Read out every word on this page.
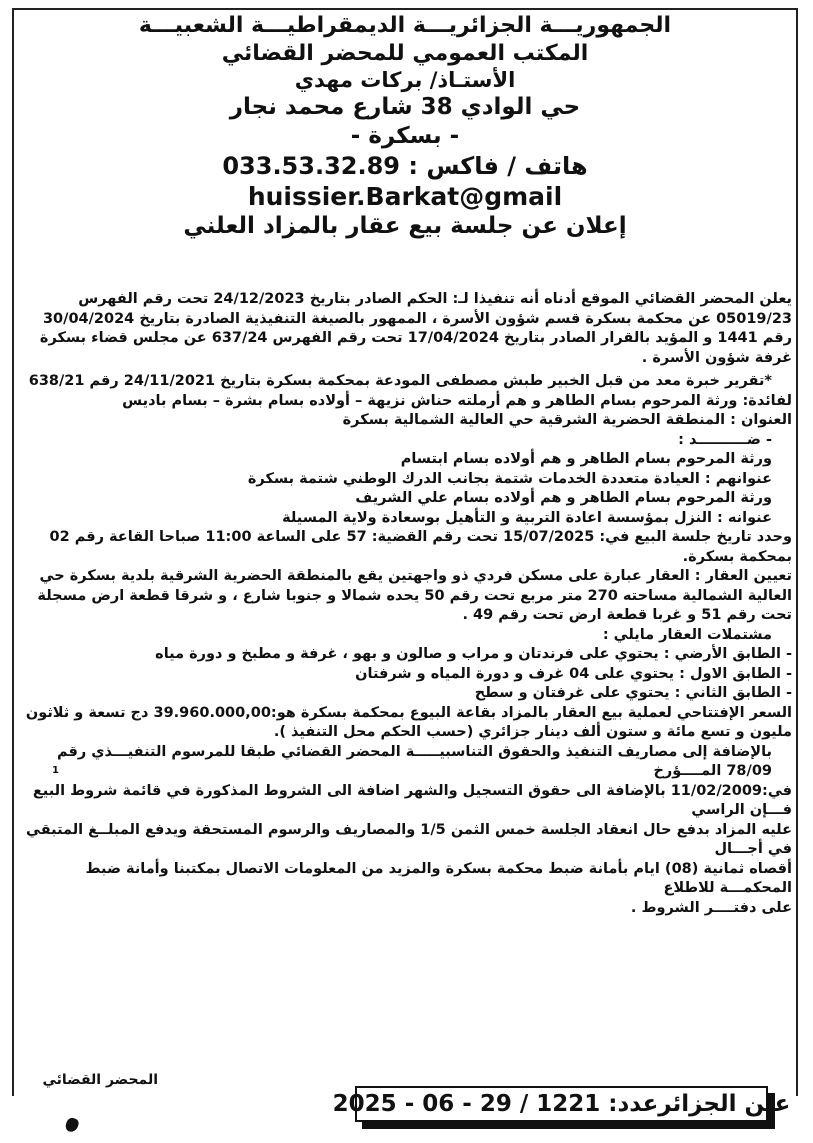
الجمهوريـــة الجزائريـــة الديمقراطيـــة الشعبيـــة

المكتب العمومي للمحضر القضائي

الأستـاذ/ بركات مهدي

حي الوادي 38 شارع محمد نجار

- بسكرة -

هاتف / فاكس : 033.53.32.89

huissier.Barkat@gmail

إعلان عن جلسة بيع عقار بالمزاد العلني

يعلن المحضر القضائي الموقع أدناه أنه تنفيذا لـ: الحكم الصادر بتاريخ 24/12/2023 تحت رقم الفهرس 05019/23 عن محكمة بسكرة قسم شؤون الأسرة ، الممهور بالصيغة التنفيذية الصادرة بتاريخ 30/04/2024 رقم 1441 و المؤيد بالقرار الصادر بتاريخ 17/04/2024 تحت رقم الفهرس 637/24 عن مجلس قضاء بسكرة غرفة شؤون الأسرة .

*تقرير خبرة معد من قبل الخبير طبش مصطفى المودعة بمحكمة بسكرة بتاريخ 24/11/2021 رقم 638/21

لفائدة: ورثة المرحوم بسام الطاهر و هم أرملته حناش نزيهة – أولاده بسام بشرة – بسام باديس

العنوان : المنطقة الحضرية الشرقية حي العالية الشمالية بسكرة

- ضــــــــــد :

ورثة المرحوم بسام الطاهر و هم أولاده بسام ابتسام

عنوانهم : العيادة متعددة الخدمات شتمة بجانب الدرك الوطني شتمة بسكرة

ورثة المرحوم بسام الطاهر و هم أولاده بسام علي الشريف

عنوانه : النزل بمؤسسة اعادة التربية و التأهيل بوسعادة ولاية المسيلة

وحدد تاريخ جلسة البيع في: 15/07/2025 تحت رقم القضية: 57 على الساعة 11:00 صباحا القاعة رقم 02 بمحكمة بسكرة.

تعيين العقار : العقار عبارة على مسكن فردي ذو واجهتين يقع بالمنطقة الحضرية الشرقية بلدية بسكرة حي العالية الشمالية مساحته 270 متر مربع تحت رقم 50 يحده شمالا و جنوبا شارع ، و شرقا قطعة ارض مسجلة تحت رقم 51 و غربا قطعة ارض تحت رقم 49 .

مشتملات العقار مايلي :

- الطابق الأرضي : يحتوي على فرندتان و مراب و صالون و بهو ، غرفة و مطبخ و دورة مياه

- الطابق الاول : يحتوي على 04 غرف و دورة المياه و شرفتان

- الطابق الثاني : يحتوي على غرفتان و سطح

السعر الإفتتاحي لعملية بيع العقار بالمزاد بقاعة البيوع بمحكمة بسكرة هو:39.960.000,00 دج تسعة و ثلاثون مليون و تسع مائة و ستون ألف دينار جزائري (حسب الحكم محل التنفيذ ).

بالإضافة إلى مصاريف التنفيذ والحقوق التناسبيـــــة المحضر القضائي طبقا للمرسوم التنفيـــذي رقم 78/09 المــــؤرخ

في:11/02/2009 بالإضافة الى حقوق التسجيل والشهر اضافة الى الشروط المذكورة في قائمة شروط البيع فـــإن الراسي

عليه المزاد بدفع حال انعقاد الجلسة خمس الثمن 1/5 والمصاريف والرسوم المستحقة ويدفع المبلــغ المتبقي في أجـــال

أقصاه ثمانية (08) ايام بأمانة ضبط محكمة بسكرة والمزيد من المعلومات الاتصال بمكتبنا وأمانة ضبط المحكمـــة للاطلاع

على دفتــــر الشروط .

1
المحضر القضائي
عين الجزائرعدد: 1221 / 29 - 06 - 2025
